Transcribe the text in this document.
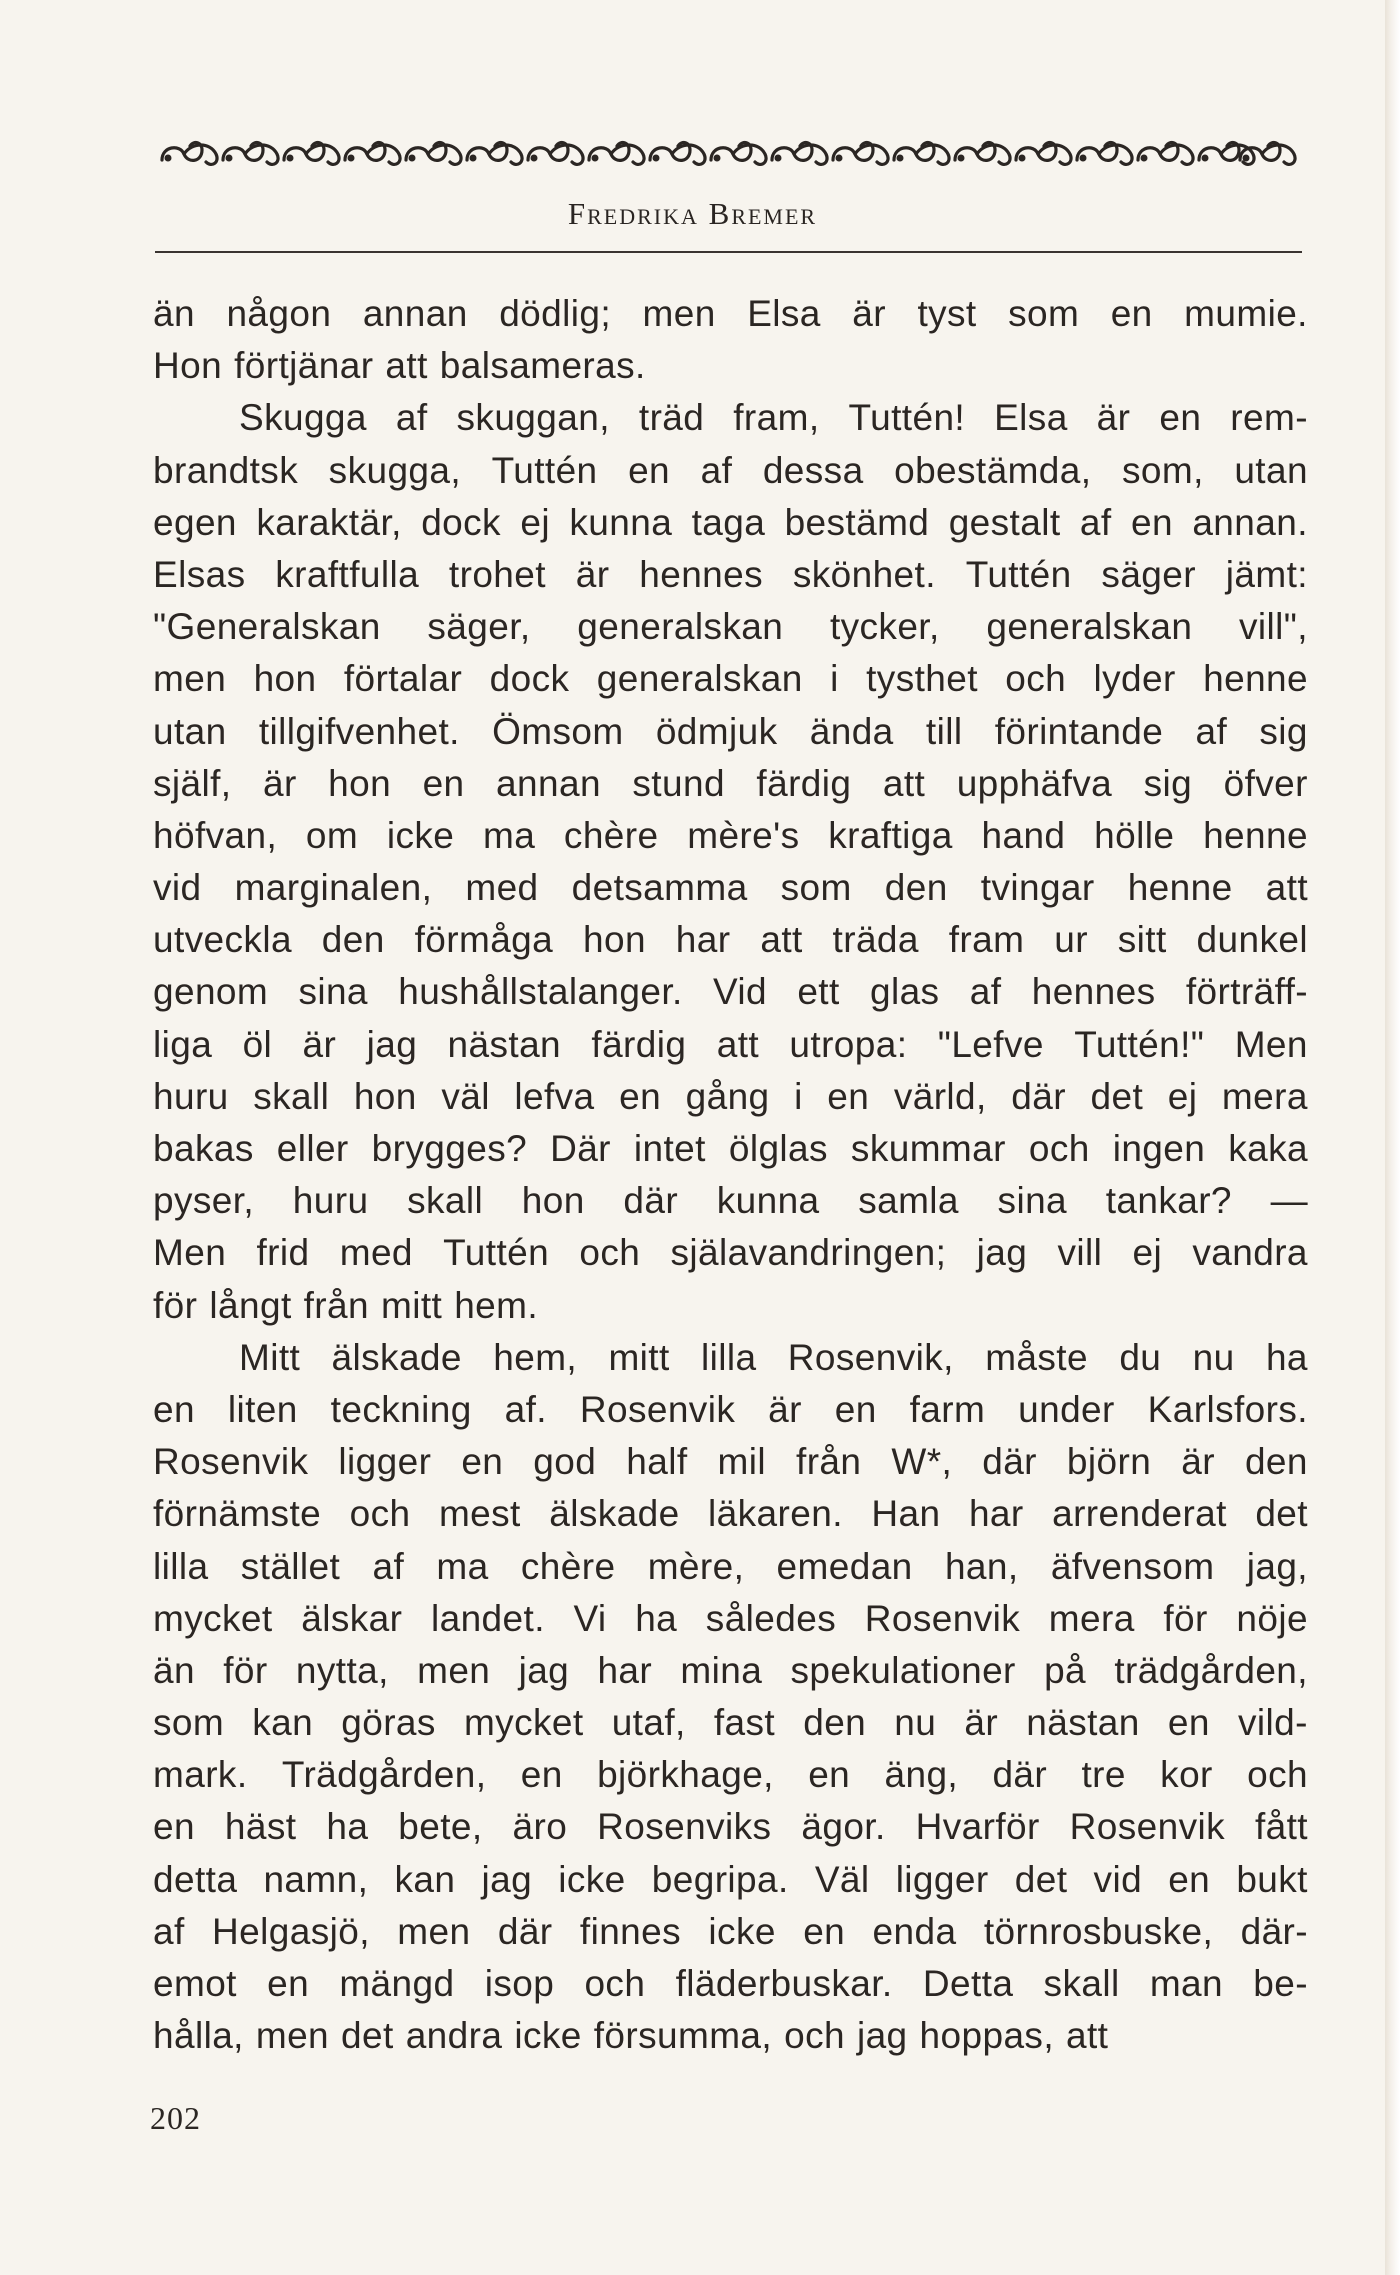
Fredrika Bremer
än någon annan dödlig; men Elsa är tyst som en mumie.
Hon förtjänar att balsameras.
Skugga af skuggan, träd fram, Tuttén! Elsa är en rem-
brandtsk skugga, Tuttén en af dessa obestämda, som, utan
egen karaktär, dock ej kunna taga bestämd gestalt af en annan.
Elsas kraftfulla trohet är hennes skönhet. Tuttén säger jämt:
"Generalskan säger, generalskan tycker, generalskan vill",
men hon förtalar dock generalskan i tysthet och lyder henne
utan tillgifvenhet. Ömsom ödmjuk ända till förintande af sig
själf, är hon en annan stund färdig att upphäfva sig öfver
höfvan, om icke ma chère mère's kraftiga hand hölle henne
vid marginalen, med detsamma som den tvingar henne att
utveckla den förmåga hon har att träda fram ur sitt dunkel
genom sina hushållstalanger. Vid ett glas af hennes förträff-
liga öl är jag nästan färdig att utropa: "Lefve Tuttén!" Men
huru skall hon väl lefva en gång i en värld, där det ej mera
bakas eller brygges? Där intet ölglas skummar och ingen kaka
pyser, huru skall hon där kunna samla sina tankar? —
Men frid med Tuttén och själavandringen; jag vill ej vandra
för långt från mitt hem.
Mitt älskade hem, mitt lilla Rosenvik, måste du nu ha
en liten teckning af. Rosenvik är en farm under Karlsfors.
Rosenvik ligger en god half mil från W*, där björn är den
förnämste och mest älskade läkaren. Han har arrenderat det
lilla stället af ma chère mère, emedan han, äfvensom jag,
mycket älskar landet. Vi ha således Rosenvik mera för nöje
än för nytta, men jag har mina spekulationer på trädgården,
som kan göras mycket utaf, fast den nu är nästan en vild-
mark. Trädgården, en björkhage, en äng, där tre kor och
en häst ha bete, äro Rosenviks ägor. Hvarför Rosenvik fått
detta namn, kan jag icke begripa. Väl ligger det vid en bukt
af Helgasjö, men där finnes icke en enda törnrosbuske, där-
emot en mängd isop och fläderbuskar. Detta skall man be-
hålla, men det andra icke försumma, och jag hoppas, att
202
